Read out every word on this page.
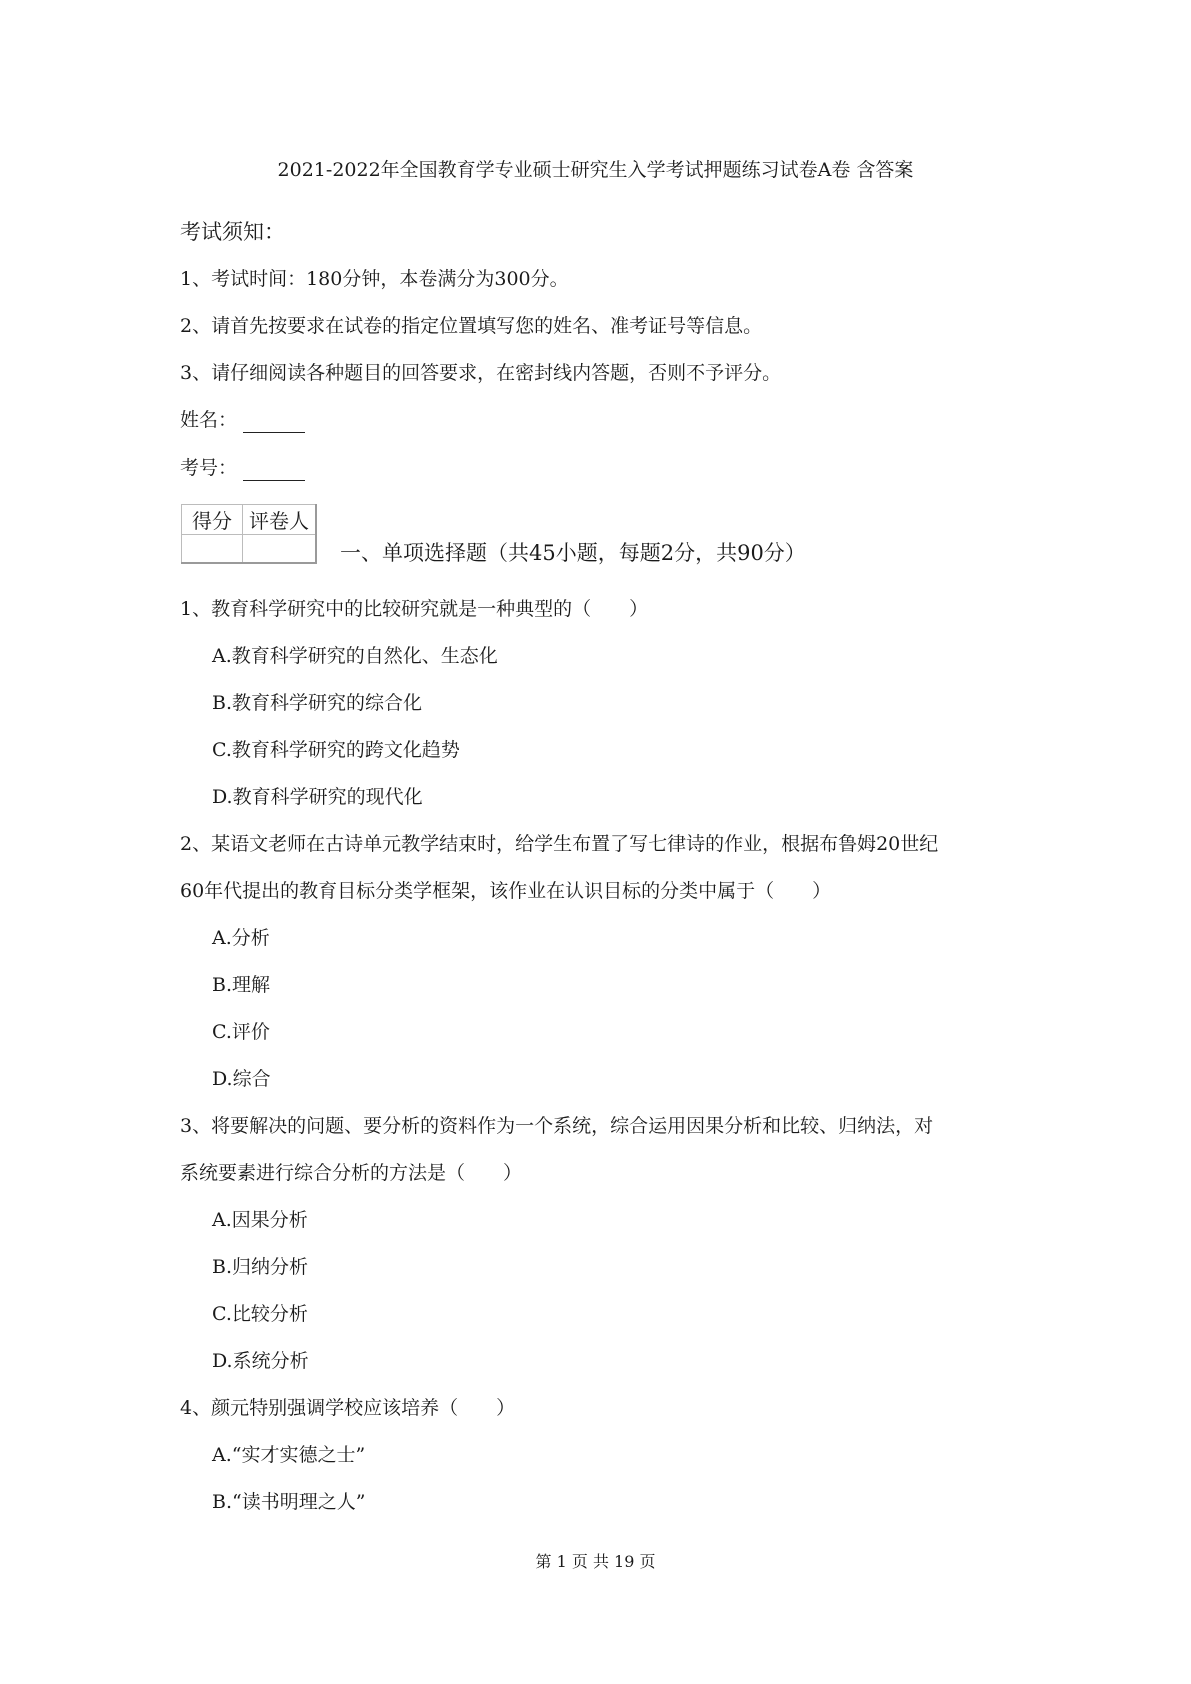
2021-2022年全国教育学专业硕士研究生入学考试押题练习试卷A卷 含答案
考试须知：
1、考试时间：180分钟，本卷满分为300分。
2、请首先按要求在试卷的指定位置填写您的姓名、准考证号等信息。
3、请仔细阅读各种题目的回答要求，在密封线内答题，否则不予评分。
姓名：
考号：
得分	评卷人

一、单项选择题（共45小题，每题2分，共90分）
1、教育科学研究中的比较研究就是一种典型的（　　）
A.教育科学研究的自然化、生态化
B.教育科学研究的综合化
C.教育科学研究的跨文化趋势
D.教育科学研究的现代化
2、某语文老师在古诗单元教学结束时，给学生布置了写七律诗的作业，根据布鲁姆20世纪
60年代提出的教育目标分类学框架，该作业在认识目标的分类中属于（　　）
A.分析
B.理解
C.评价
D.综合
3、将要解决的问题、要分析的资料作为一个系统，综合运用因果分析和比较、归纳法，对
系统要素进行综合分析的方法是（　　）
A.因果分析
B.归纳分析
C.比较分析
D.系统分析
4、颜元特别强调学校应该培养（　　）
A.“实才实德之士”
B.“读书明理之人”
第 1 页 共 19 页
